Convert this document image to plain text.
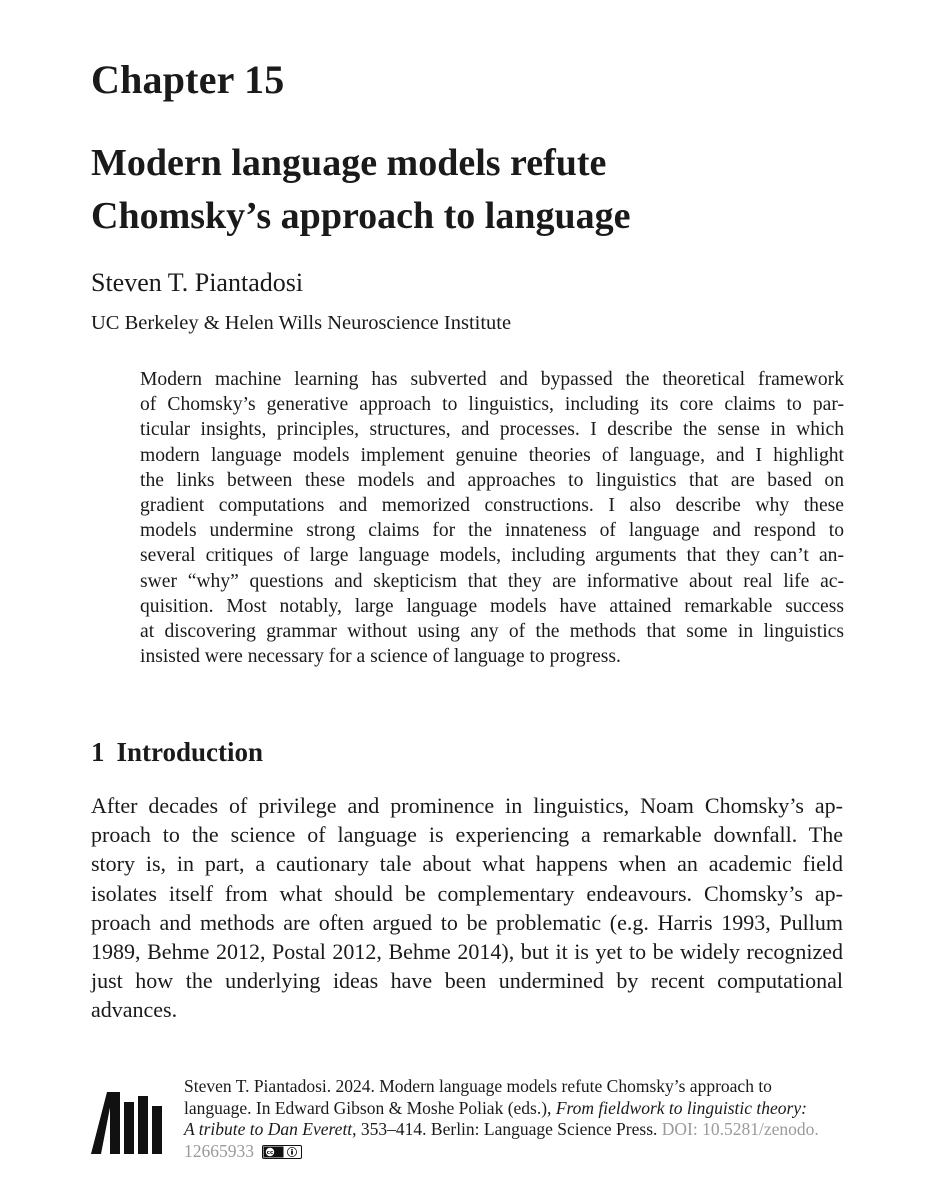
Chapter 15
Modern language models refute
Chomsky’s approach to language

Steven T. Piantadosi

UC Berkeley & Helen Wills Neuroscience Institute

Modern machine learning has subverted and bypassed the theoretical framework
of Chomsky’s generative approach to linguistics, including its core claims to par-
ticular insights, principles, structures, and processes. I describe the sense in which
modern language models implement genuine theories of language, and I highlight
the links between these models and approaches to linguistics that are based on
gradient computations and memorized constructions. I also describe why these
models undermine strong claims for the innateness of language and respond to
several critiques of large language models, including arguments that they can’t an-
swer “why” questions and skepticism that they are informative about real life ac-
quisition. Most notably, large language models have attained remarkable success
at discovering grammar without using any of the methods that some in linguistics
insisted were necessary for a science of language to progress.
1 Introduction
After decades of privilege and prominence in linguistics, Noam Chomsky’s ap-
proach to the science of language is experiencing a remarkable downfall. The
story is, in part, a cautionary tale about what happens when an academic field
isolates itself from what should be complementary endeavours. Chomsky’s ap-
proach and methods are often argued to be problematic (e.g. Harris 1993, Pullum
1989, Behme 2012, Postal 2012, Behme 2014), but it is yet to be widely recognized
just how the underlying ideas have been undermined by recent computational
advances.
Steven T. Piantadosi. 2024. Modern language models refute Chomsky’s approach to
language. In Edward Gibson & Moshe Poliak (eds.), From fieldwork to linguistic theory:
A tribute to Dan Everett, 353–414. Berlin: Language Science Press. DOI: 10.5281/zenodo.
12665933 cc
